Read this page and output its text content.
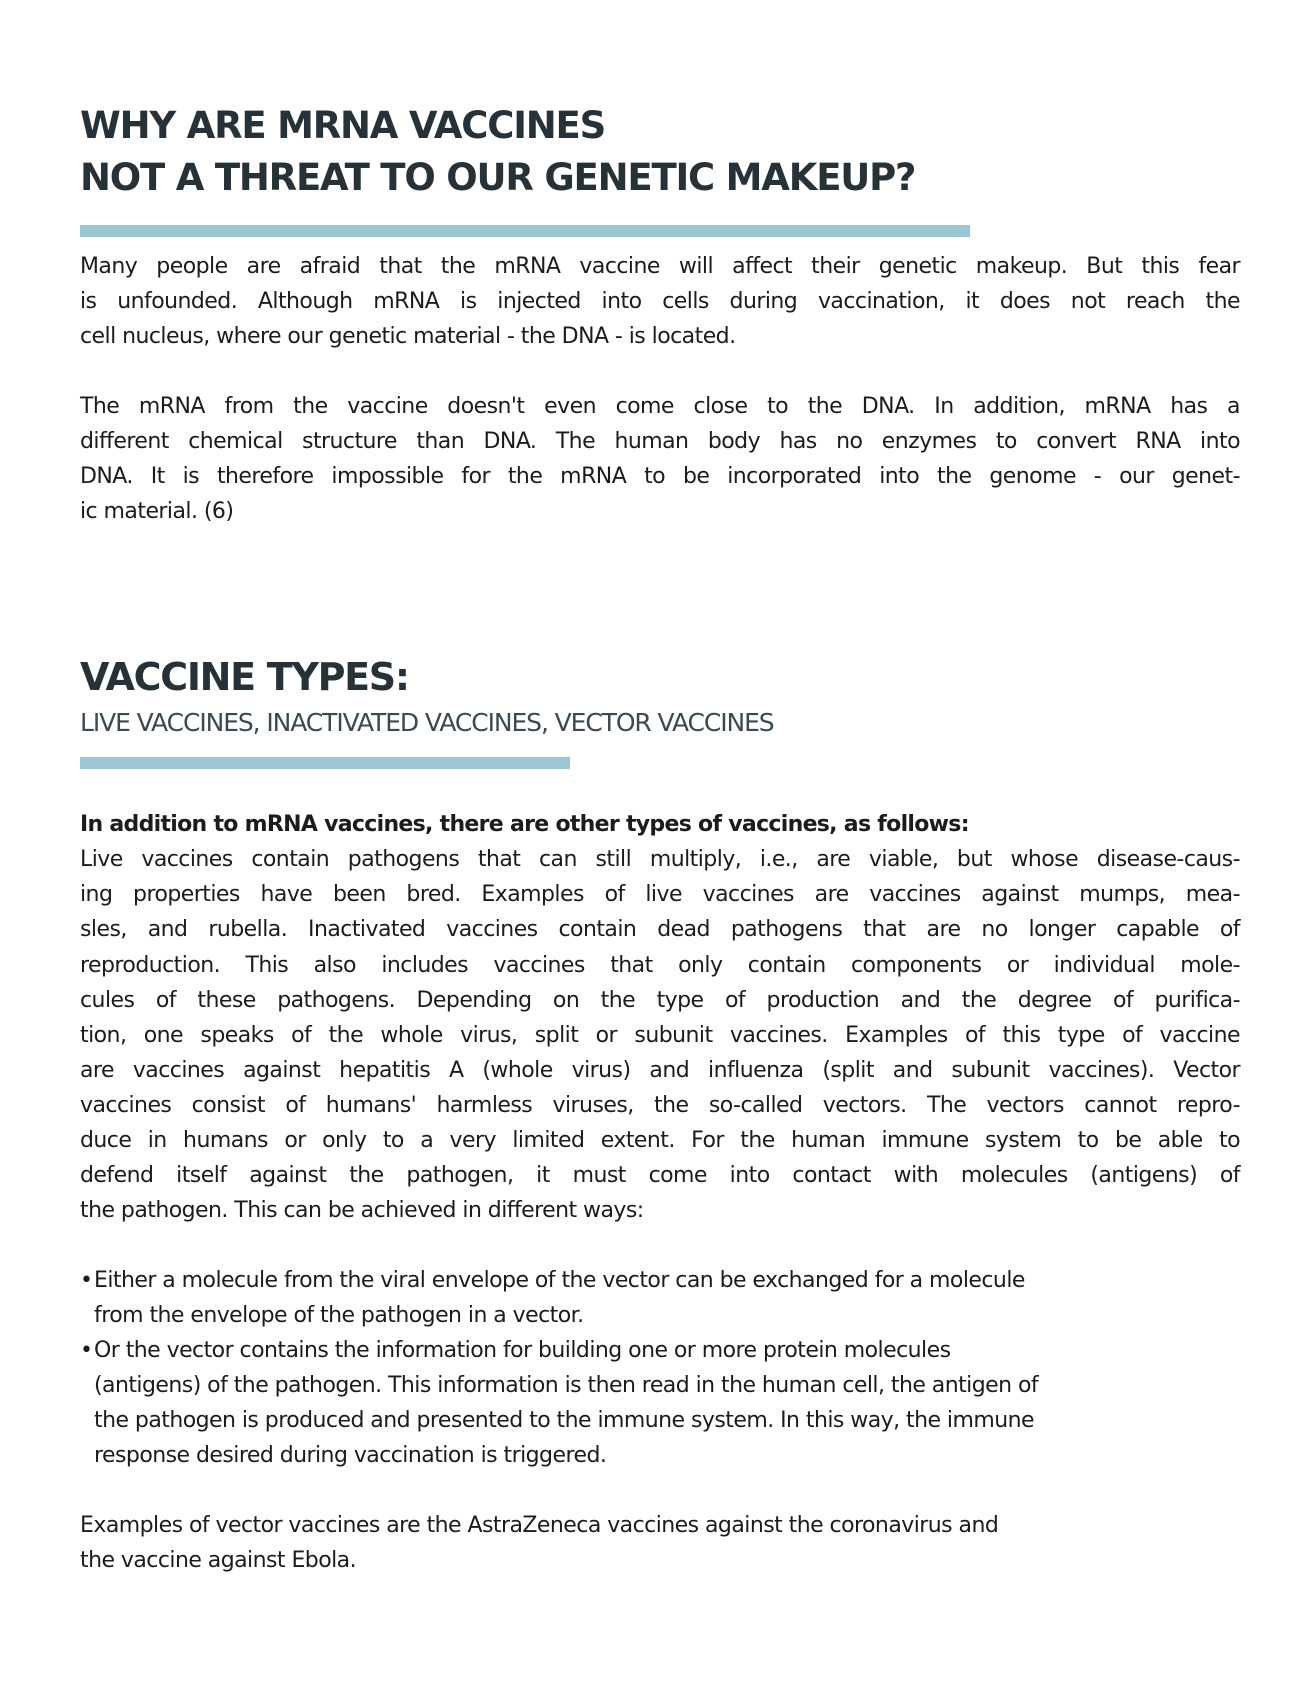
WHY ARE MRNA VACCINES
NOT A THREAT TO OUR GENETIC MAKEUP?
Many people are afraid that the mRNA vaccine will affect their genetic makeup. But this fear
is unfounded. Although mRNA is injected into cells during vaccination, it does not reach the
cell nucleus, where our genetic material - the DNA - is located.
The mRNA from the vaccine doesn't even come close to the DNA. In addition, mRNA has a
different chemical structure than DNA. The human body has no enzymes to convert RNA into
DNA. It is therefore impossible for the mRNA to be incorporated into the genome - our genet-
ic material. (6)
VACCINE TYPES:
LIVE VACCINES, INACTIVATED VACCINES, VECTOR VACCINES
In addition to mRNA vaccines, there are other types of vaccines, as follows:
Live vaccines contain pathogens that can still multiply, i.e., are viable, but whose disease-caus-
ing properties have been bred. Examples of live vaccines are vaccines against mumps, mea-
sles, and rubella. Inactivated vaccines contain dead pathogens that are no longer capable of
reproduction. This also includes vaccines that only contain components or individual mole-
cules of these pathogens. Depending on the type of production and the degree of purifica-
tion, one speaks of the whole virus, split or subunit vaccines. Examples of this type of vaccine
are vaccines against hepatitis A (whole virus) and influenza (split and subunit vaccines). Vector
vaccines consist of humans' harmless viruses, the so-called vectors. The vectors cannot repro-
duce in humans or only to a very limited extent. For the human immune system to be able to
defend itself against the pathogen, it must come into contact with molecules (antigens) of
the pathogen. This can be achieved in different ways:
•Either a molecule from the viral envelope of the vector can be exchanged for a molecule
from the envelope of the pathogen in a vector.
•Or the vector contains the information for building one or more protein molecules
(antigens) of the pathogen. This information is then read in the human cell, the antigen of
the pathogen is produced and presented to the immune system. In this way, the immune
response desired during vaccination is triggered.
Examples of vector vaccines are the AstraZeneca vaccines against the coronavirus and
the vaccine against Ebola.
